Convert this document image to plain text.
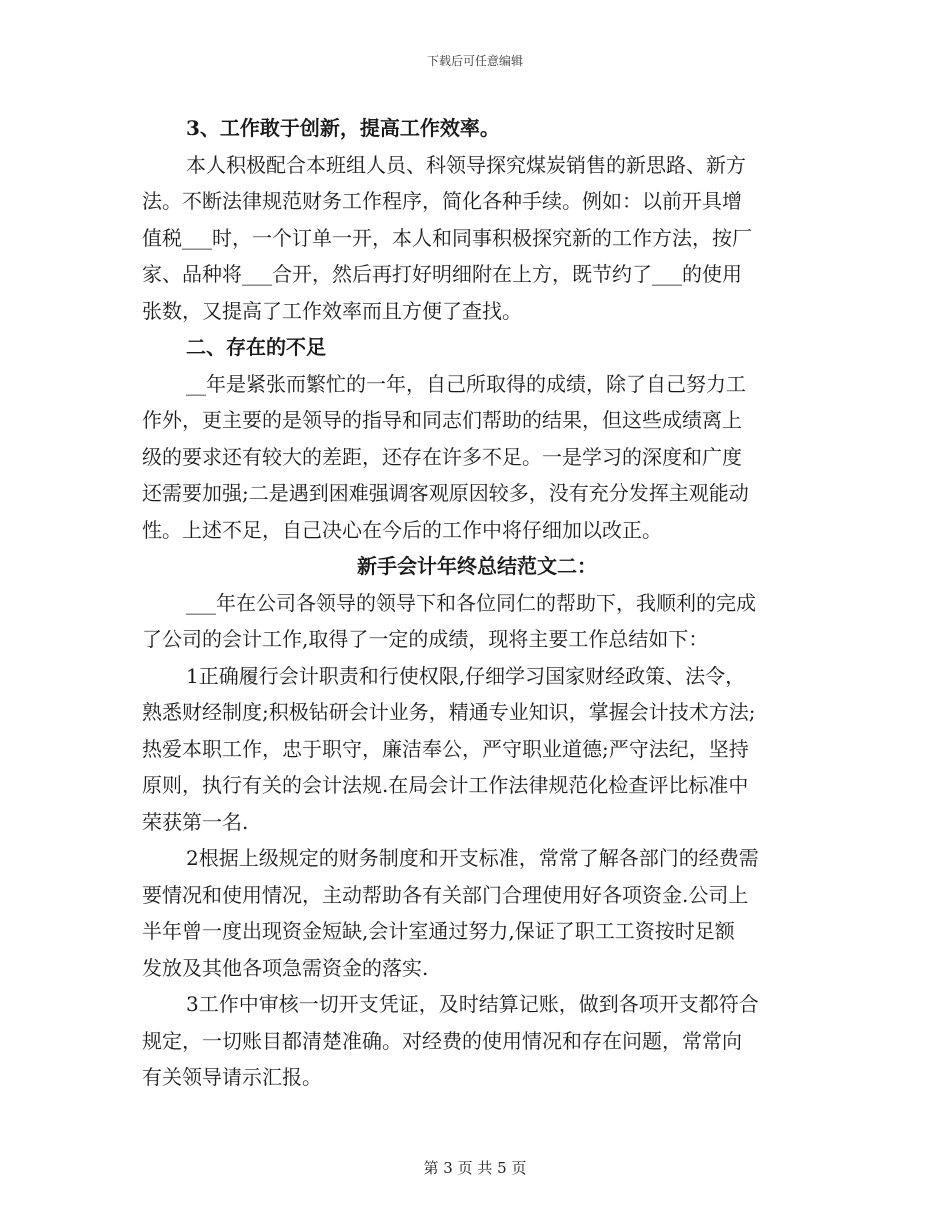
下载后可任意编辑
3、工作敢于创新，提高工作效率。
本人积极配合本班组人员、科领导探究煤炭销售的新思路、新方
法。不断法律规范财务工作程序，简化各种手续。例如：以前开具增
值税___时，一个订单一开，本人和同事积极探究新的工作方法，按厂
家、品种将___合开，然后再打好明细附在上方，既节约了___的使用
张数，又提高了工作效率而且方便了查找。
二、存在的不足
__年是紧张而繁忙的一年，自己所取得的成绩，除了自己努力工
作外，更主要的是领导的指导和同志们帮助的结果，但这些成绩离上
级的要求还有较大的差距，还存在许多不足。一是学习的深度和广度
还需要加强;二是遇到困难强调客观原因较多，没有充分发挥主观能动
性。上述不足，自己决心在今后的工作中将仔细加以改正。
新手会计年终总结范文二：
___年在公司各领导的领导下和各位同仁的帮助下，我顺利的完成
了公司的会计工作,取得了一定的成绩，现将主要工作总结如下：
1正确履行会计职责和行使权限,仔细学习国家财经政策、法令，
熟悉财经制度;积极钻研会计业务，精通专业知识，掌握会计技术方法;
热爱本职工作，忠于职守，廉洁奉公，严守职业道德;严守法纪，坚持
原则，执行有关的会计法规.在局会计工作法律规范化检查评比标准中
荣获第一名.
2根据上级规定的财务制度和开支标准，常常了解各部门的经费需
要情况和使用情况，主动帮助各有关部门合理使用好各项资金.公司上
半年曾一度出现资金短缺,会计室通过努力,保证了职工工资按时足额
发放及其他各项急需资金的落实.
3工作中审核一切开支凭证，及时结算记账，做到各项开支都符合
规定，一切账目都清楚准确。对经费的使用情况和存在问题，常常向
有关领导请示汇报。
第 3 页 共 5 页
